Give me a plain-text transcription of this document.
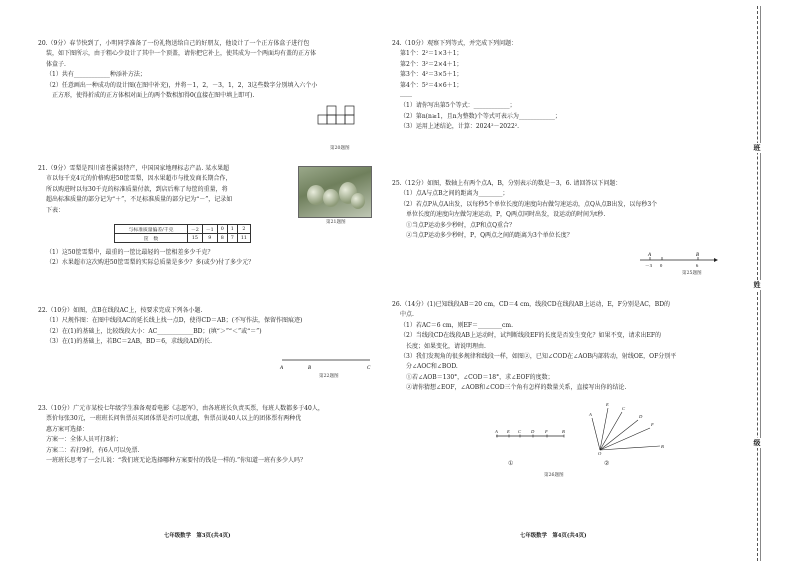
20.（9分）春节快到了，小明同学准备了一份礼物送给自己的好朋友，他设计了一个正方体盒子进行包

装，如下图所示，由于粗心少设计了其中一个顶盖，请你把它补上，使其成为一个两面均有盖的正方体

体盒子.

（1）共有____________种添补方法；

（2）任意画出一种成功的设计图(在图中补充)，并将－1，2，－3，1，2，3这些数字分别填入六个小

正方形，使得折成的正方体相对面上的两个数相加得0(直接在图中填上即可).

第20题图

21.（9分）雪梨是四川省苍溪县特产，中国国家地理标志产品. 某水果超

市以每千克4元的价格购进50筐雪梨，因水果超市与批发商长期合作，

所以购进时以每30千克的标准质量付款，到店后称了每筐的重量，将

超出标准质量的部分记为“＋”，不足标准质量的部分记为“－”，记录如

下表：

第21题图
与标准质量偏差/千克	－2	－1	0	1	2
筐　数	15	9	8	7	11

（1）这50筐雪梨中，最重的一筐比最轻的一筐相差多少千克？

（2）水果超市这次购进50筐雪梨的实际总质量是多少？多(或少)付了多少元？

22.（10分）如图，点B在线段AC上，按要求完成下列各小题.

（1）尺规作图：在图中线段AC的延长线上找一点D，使得CD＝AB；(不写作法，保留作图痕迹)

（2）在(1)的基础上，比较线段大小：AC____________BD；(填“＞”“＜”或“＝”)

（3）在(1)的基础上，若BC＝2AB，BD＝6，求线段AD的长.

A	B	C
第22题图

23.（10分）广元市某校七年级学生准备观看电影《志愿军》，由各班班长负责买票，每班人数都多于40人，

票价每张30元，一班班长问售票员买团体票是否可以优惠，售票员说40人以上的团体票有两种优

惠方案可选择：

方案一：全体人员可打8折；

方案二：若打9折，有6人可以免票.

一班班长思考了一会儿说：“我们班无论选择哪种方案要付的钱是一样的.”你知道一班有多少人吗？

七年级数学　第3页(共4页)

24.（10分）观察下列等式，并完成下列问题：

第1个：2²＝1×3＋1；

第2个：3²＝2×4＋1；

第3个：4²＝3×5＋1；

第4个：5²＝4×6＋1；

……

（1）请你写出第5个等式：____________；

（2）第n(n≥1，且n为整数)个等式可表示为____________；

（3）运用上述结论，计算：2024²－2022².

25.（12分）如图，数轴上有两个点A，B，分别表示的数是－3，6. 请回答以下问题：

（1）点A与点B之间的距离为________；

（2）若点P从点A出发，以每秒5个单位长度的速度向右做匀速运动，点Q从点B出发，以每秒3个

单位长度的速度向左做匀速运动，P，Q两点同时出发，设运动的时间为t秒.

①当点P运动多少秒时，点P和点Q重合？

②当点P运动多少秒时，P，Q两点之间的距离为3个单位长度？

A	B
－3 0	6
第25题图

26.（14分）(1)已知线段AB＝20 cm，CD＝4 cm，线段CD在线段AB上运动，E，F分别是AC，BD的

中点.

（1）若AC＝6 cm，则EF＝________cm.

（2）当线段CD在线段AB上运动时，试判断线段EF的长度是否发生变化？如果不变，请求出EF的

长度；如果变化，请说明理由.

（3）我们发现角的很多规律和线段一样，如图②，已知∠COD在∠AOB内部转动，射线OE，OF分别平

分∠AOC和∠BOD.

①若∠AOB＝130°，∠COD＝18°，求∠EOF的度数；

②请你猜想∠EOF，∠AOB和∠COD三个角有怎样的数量关系，直接写出你的结论.

A E C D F	B
E
C
D
F
A
B
O
①	②
第26题图
七年级数学　第4页(共4页)
班
姓
级
